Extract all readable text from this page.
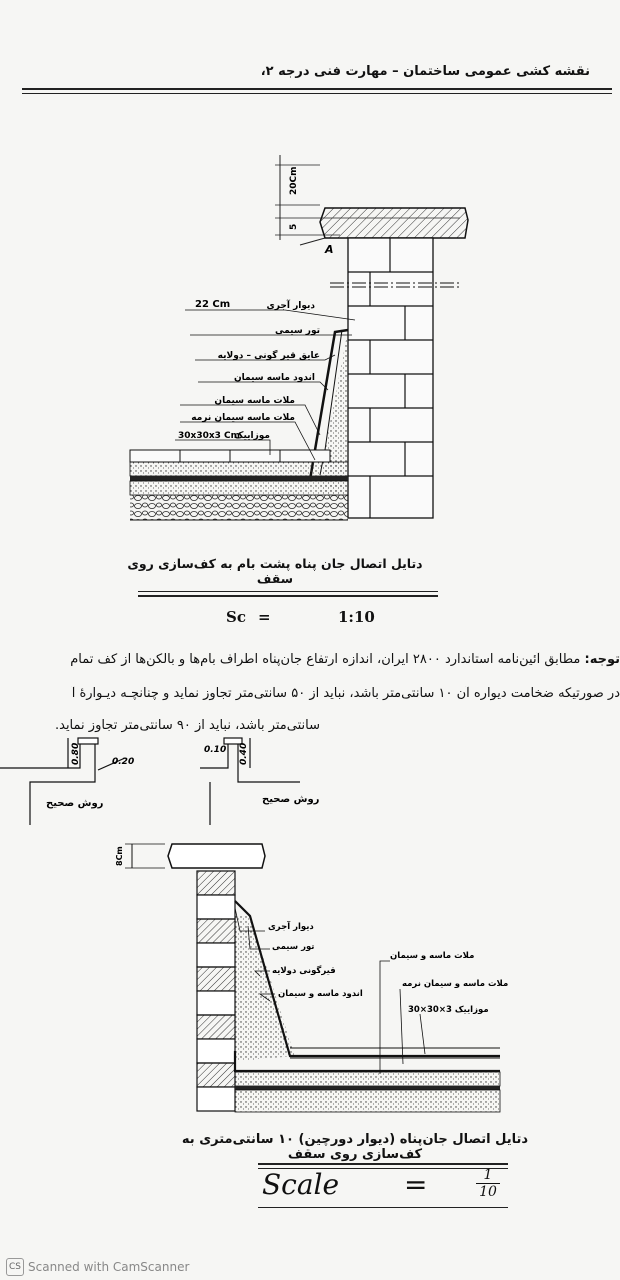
نقشه کشی عمومی ساختمان – مهارت فنی درجه ۲،
20Cm
5
A
دیوار آجری
تور سیمی
عایق قیر گونی – دولایه
اندود ماسه سیمان
ملات ماسه سیمان
ملات ماسه سیمان نرمه
موزاییک
22 Cm
30x30x3 Cm
دتایل اتصال جان پناه پشت بام به کف‌سازی روی سقف
Sc =	1:10
توجه: مطابق آئین‌نامه استاندارد ۲۸۰۰ ایران، اندازه ارتفاع جان‌پناه اطراف بام‌ها و بالکن‌ها از کف تمام
در صورتیکه ضخامت دیواره آن ۱۰ سانتی‌متر باشد، نباید از ۵۰ سانتی‌متر تجاوز نماید و چنانچـه دیـوارهٔ آ
سانتی‌متر باشد، نباید از ۹۰ سانتی‌متر تجاوز نماید.
0.80	0.20
0.10 0.40
روش صحیح	روش صحیح
8Cm
دیوار آجری
تور سیمی
قیرگونی دولایه
اندود ماسه و سیمان
ملات ماسه و سیمان
ملات ماسه و سیمان نرمه
موزاییک 3×30×30
دتایل اتصال جان‌پناه (دیوار دورچین) ۱۰ سانتی‌متری به کف‌سازی روی سقف
Scale =	$\frac{1}{10}$
CS Scanned with CamScanner
